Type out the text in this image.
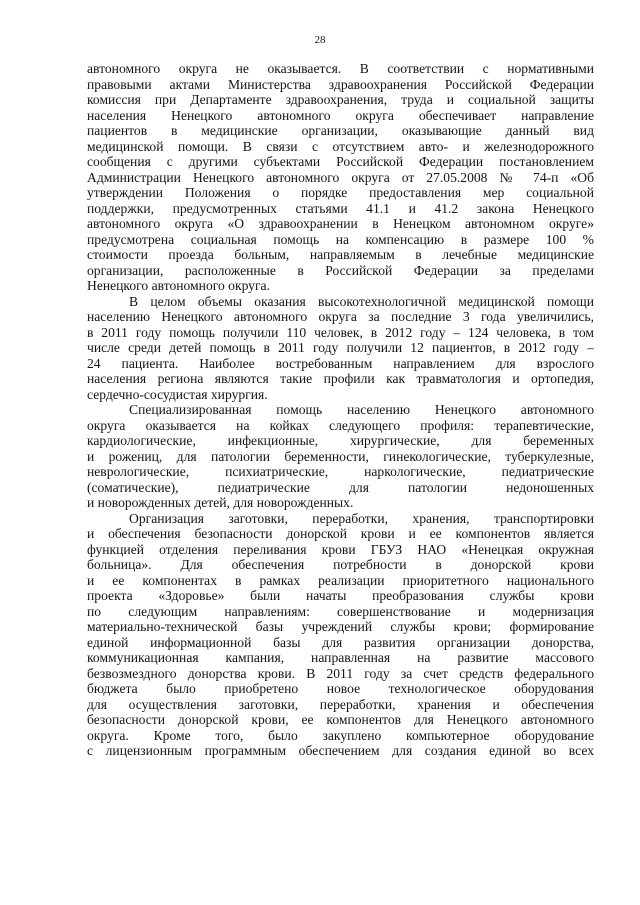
28
автономного округа не оказывается. В соответствии с нормативными
правовыми актами Министерства здравоохранения Российской Федерации
комиссия при Департаменте здравоохранения, труда и социальной защиты
населения Ненецкого автономного округа обеспечивает направление
пациентов в медицинские организации, оказывающие данный вид
медицинской помощи. В связи с отсутствием авто- и железнодорожного
сообщения с другими субъектами Российской Федерации постановлением
Администрации Ненецкого автономного округа от 27.05.2008 № 74-п «Об
утверждении Положения о порядке предоставления мер социальной
поддержки, предусмотренных статьями 41.1 и 41.2 закона Ненецкого
автономного округа «О здравоохранении в Ненецком автономном округе»
предусмотрена социальная помощь на компенсацию в размере 100 %
стоимости проезда больным, направляемым в лечебные медицинские
организации, расположенные в Российской Федерации за пределами
Ненецкого автономного округа.
В целом объемы оказания высокотехнологичной медицинской помощи
населению Ненецкого автономного округа за последние 3 года увеличились,
в 2011 году помощь получили 110 человек, в 2012 году – 124 человека, в том
числе среди детей помощь в 2011 году получили 12 пациентов, в 2012 году –
24 пациента. Наиболее востребованным направлением для взрослого
населения региона являются такие профили как травматология и ортопедия,
сердечно-сосудистая хирургия.
Специализированная помощь населению Ненецкого автономного
округа оказывается на койках следующего профиля: терапевтические,
кардиологические, инфекционные, хирургические, для беременных
и рожениц, для патологии беременности, гинекологические, туберкулезные,
неврологические, психиатрические, наркологические, педиатрические
(соматические), педиатрические для патологии недоношенных
и новорожденных детей, для новорожденных.
Организация заготовки, переработки, хранения, транспортировки
и обеспечения безопасности донорской крови и ее компонентов является
функцией отделения переливания крови ГБУЗ НАО «Ненецкая окружная
больница». Для обеспечения потребности в донорской крови
и ее компонентах в рамках реализации приоритетного национального
проекта «Здоровье» были начаты преобразования службы крови
по следующим направлениям: совершенствование и модернизация
материально-технической базы учреждений службы крови; формирование
единой информационной базы для развития организации донорства,
коммуникационная кампания, направленная на развитие массового
безвозмездного донорства крови. В 2011 году за счет средств федерального
бюджета было приобретено новое технологическое оборудования
для осуществления заготовки, переработки, хранения и обеспечения
безопасности донорской крови, ее компонентов для Ненецкого автономного
округа. Кроме того, было закуплено компьютерное оборудование
с лицензионным программным обеспечением для создания единой во всех
